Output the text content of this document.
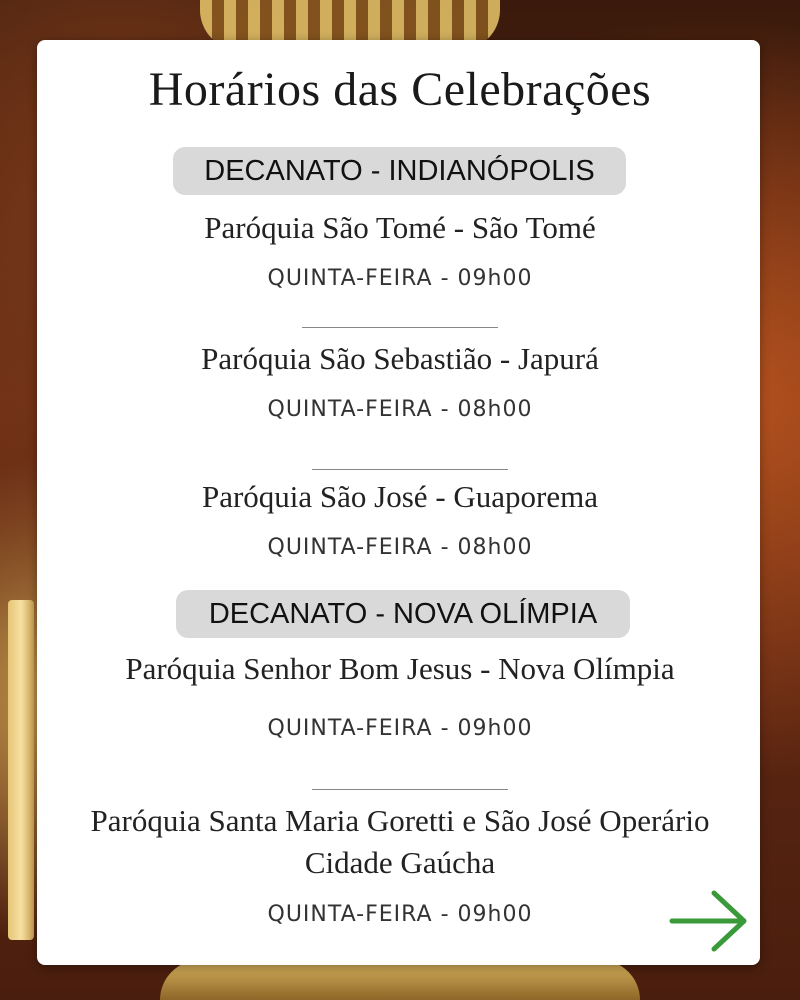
Horários das Celebrações
DECANATO - INDIANÓPOLIS
Paróquia São Tomé - São Tomé
QUINTA-FEIRA - 09h00
Paróquia São Sebastião - Japurá
QUINTA-FEIRA - 08h00
Paróquia São José - Guaporema
QUINTA-FEIRA - 08h00
DECANATO - NOVA OLÍMPIA
Paróquia Senhor Bom Jesus - Nova Olímpia
QUINTA-FEIRA - 09h00
Paróquia Santa Maria Goretti e São José Operário
Cidade Gaúcha
QUINTA-FEIRA - 09h00
